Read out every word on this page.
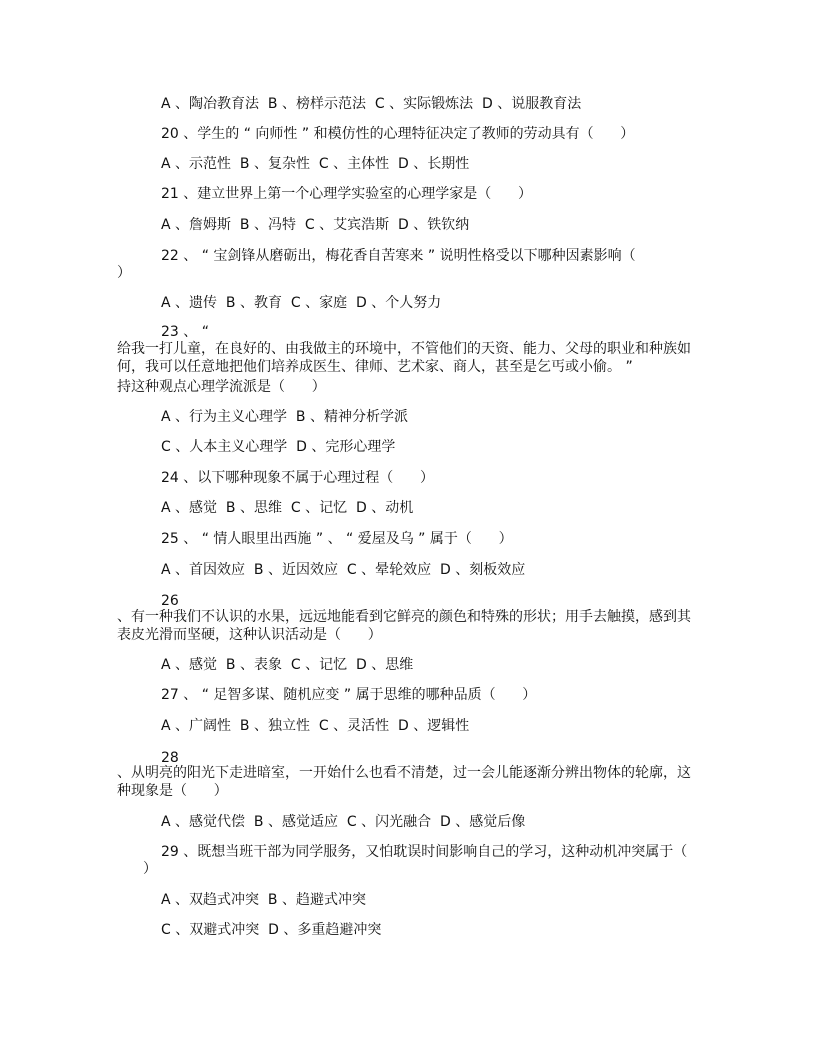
A 、陶冶教育法  B 、榜样示范法  C 、实际锻炼法  D 、说服教育法
20 、学生的 “ 向师性 ” 和模仿性的心理特征决定了教师的劳动具有（      ）
A 、示范性  B 、复杂性  C 、主体性  D 、长期性
21 、建立世界上第一个心理学实验室的心理学家是（      ）
A 、詹姆斯  B 、冯特  C 、艾宾浩斯  D 、铁钦纳
22 、 “ 宝剑锋从磨砺出，梅花香自苦寒来 ” 说明性格受以下哪种因素影响（
）
A 、遗传  B 、教育  C 、家庭  D 、个人努力
23 、 “
给我一打儿童，在良好的、由我做主的环境中，不管他们的天资、能力、父母的职业和种族如
何，我可以任意地把他们培养成医生、律师、艺术家、商人，甚至是乞丐或小偷。 ”
持这种观点心理学流派是（      ）
A 、行为主义心理学  B 、精神分析学派
C 、人本主义心理学  D 、完形心理学
24 、以下哪种现象不属于心理过程（      ）
A 、感觉  B 、思维  C 、记忆  D 、动机
25 、 “ 情人眼里出西施 ” 、 “ 爱屋及乌 ” 属于（      ）
A 、首因效应  B 、近因效应  C 、晕轮效应  D 、刻板效应
26
、有一种我们不认识的水果，远远地能看到它鲜亮的颜色和特殊的形状；用手去触摸，感到其
表皮光滑而坚硬，这种认识活动是（      ）
A 、感觉  B 、表象  C 、记忆  D 、思维
27 、 “ 足智多谋、随机应变 ” 属于思维的哪种品质（      ）
A 、广阔性  B 、独立性  C 、灵活性  D 、逻辑性
28
、从明亮的阳光下走进暗室，一开始什么也看不清楚，过一会儿能逐渐分辨出物体的轮廓，这
种现象是（      ）
A 、感觉代偿  B 、感觉适应  C 、闪光融合  D 、感觉后像
29 、既想当班干部为同学服务，又怕耽误时间影响自己的学习，这种动机冲突属于（
）
A 、双趋式冲突  B 、趋避式冲突
C 、双避式冲突  D 、多重趋避冲突
